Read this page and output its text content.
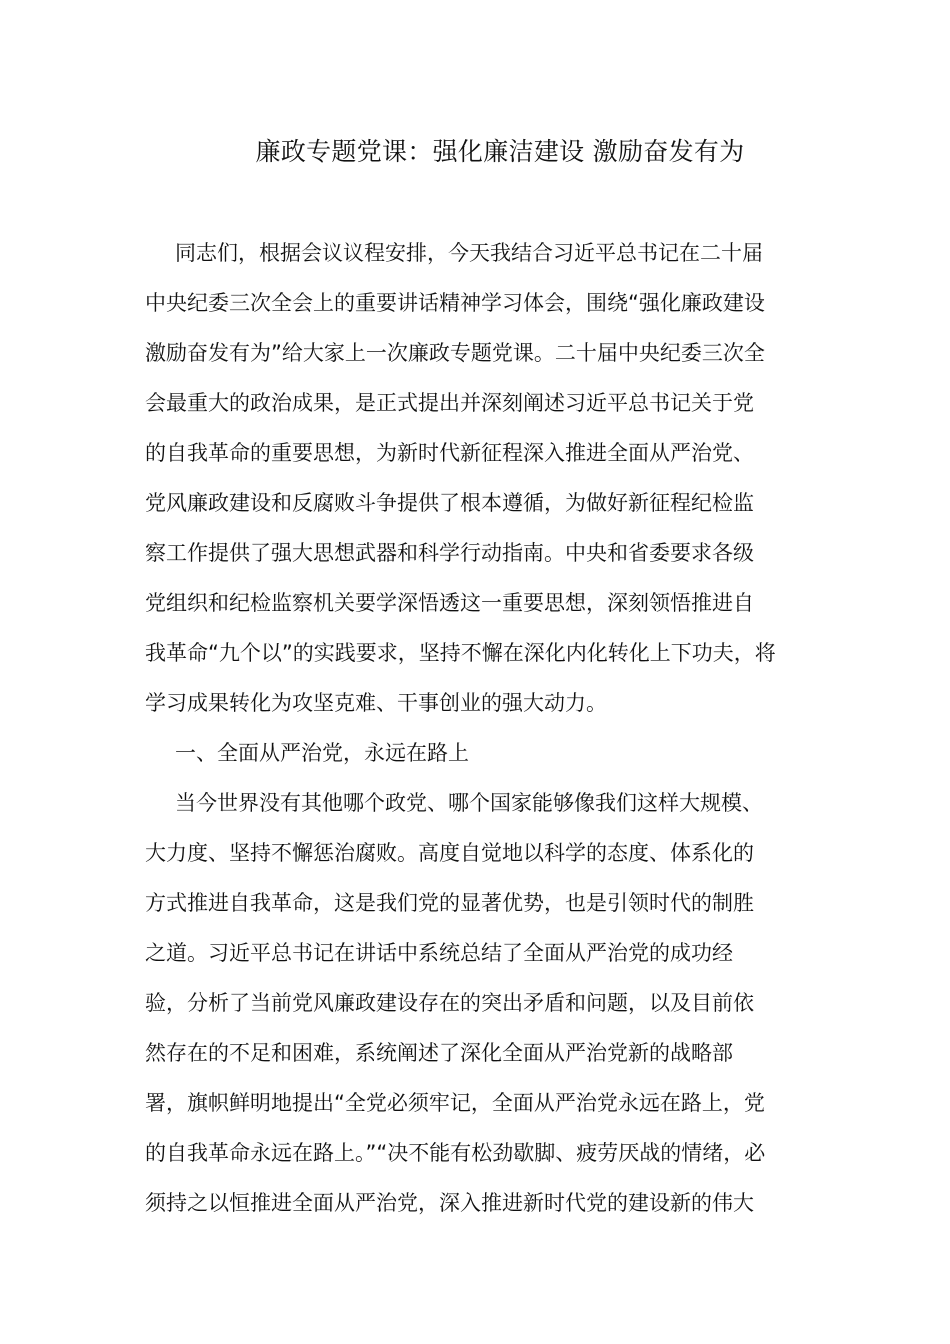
廉政专题党课：强化廉洁建设 激励奋发有为
同志们，根据会议议程安排，今天我结合习近平总书记在二十届
中央纪委三次全会上的重要讲话精神学习体会，围绕“强化廉政建设
激励奋发有为”给大家上一次廉政专题党课。二十届中央纪委三次全
会最重大的政治成果，是正式提出并深刻阐述习近平总书记关于党
的自我革命的重要思想，为新时代新征程深入推进全面从严治党、
党风廉政建设和反腐败斗争提供了根本遵循，为做好新征程纪检监
察工作提供了强大思想武器和科学行动指南。中央和省委要求各级
党组织和纪检监察机关要学深悟透这一重要思想，深刻领悟推进自
我革命“九个以”的实践要求，坚持不懈在深化内化转化上下功夫，将
学习成果转化为攻坚克难、干事创业的强大动力。
一、全面从严治党，永远在路上
当今世界没有其他哪个政党、哪个国家能够像我们这样大规模、
大力度、坚持不懈惩治腐败。高度自觉地以科学的态度、体系化的
方式推进自我革命，这是我们党的显著优势，也是引领时代的制胜
之道。习近平总书记在讲话中系统总结了全面从严治党的成功经
验，分析了当前党风廉政建设存在的突出矛盾和问题，以及目前依
然存在的不足和困难，系统阐述了深化全面从严治党新的战略部
署，旗帜鲜明地提出“全党必须牢记，全面从严治党永远在路上，党
的自我革命永远在路上。”“决不能有松劲歇脚、疲劳厌战的情绪，必
须持之以恒推进全面从严治党，深入推进新时代党的建设新的伟大
